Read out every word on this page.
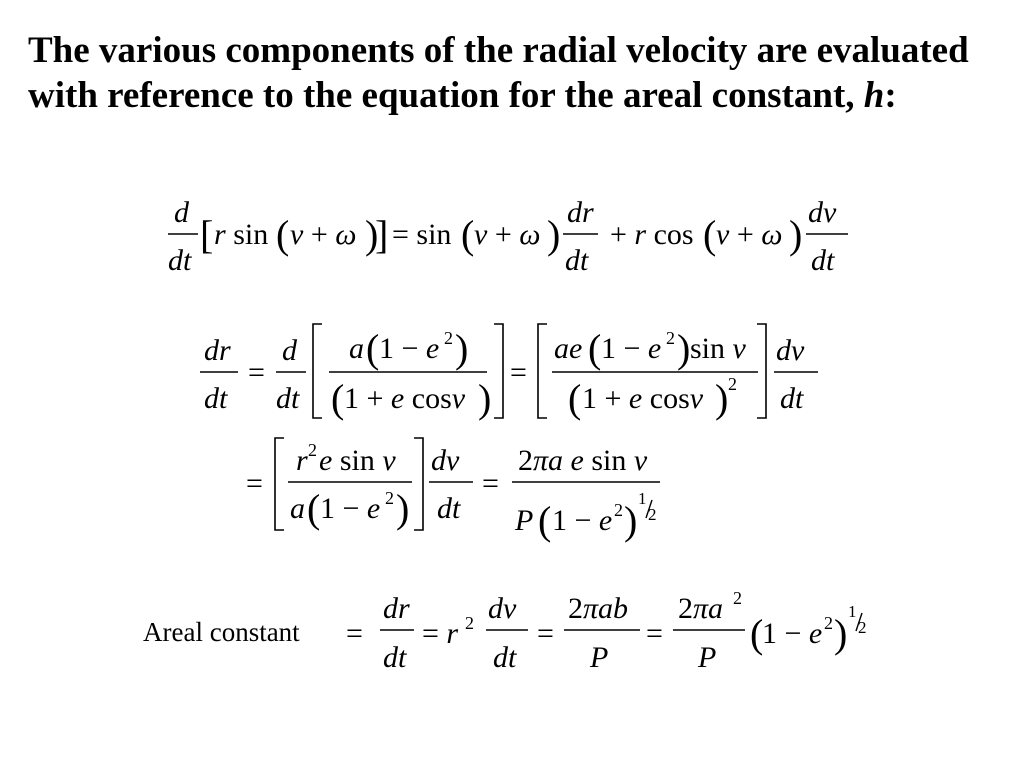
The various components of the radial velocity are evaluated with reference to the equation for the areal constant, h:

d
dt
[ r sin ( ν + ω )
] = sin ( ν + ω ) dr
dt
+ r cos ( ν + ω ) dν
dt
dr
dt
=
d
dt
a ( 1 − e 2 )
( 1 + e cosν )
=
ae ( 1 − e 2 ) sin ν
( 1 + e cosν ) 2
dν
dt
=
r 2 e sin ν
a ( 1 − e 2 )
dν
dt
=
2πa e sin ν
P ( 1 − e 2 ) 1
2
Areal constant =
dr
dt
= r 2 dν
dt
=
2πab
P
=
2πa 2
P
(
1 − e 2 ) 1
2
